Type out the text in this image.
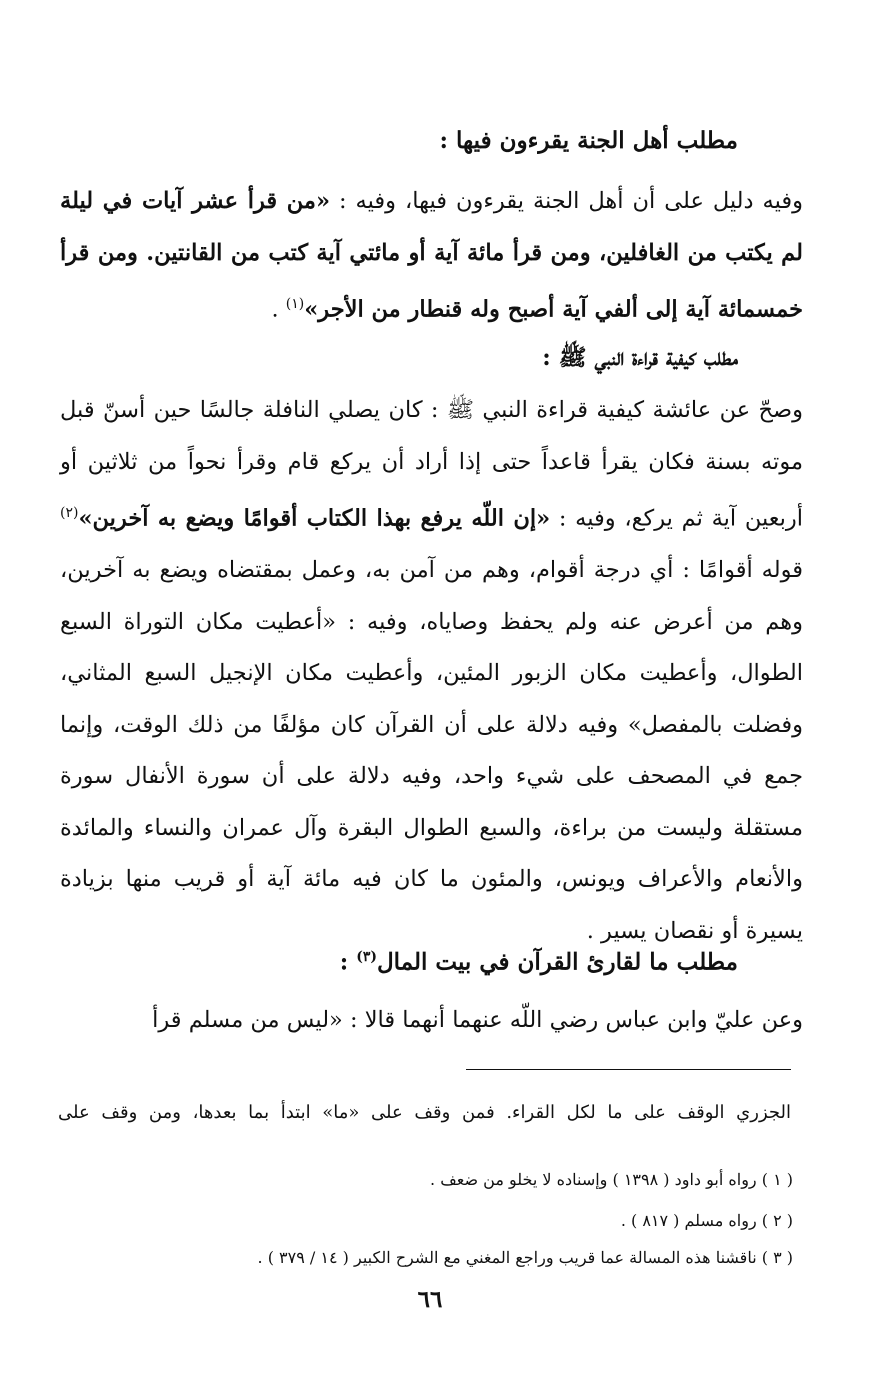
مطلب أهل الجنة يقرءون فيها :
وفيه دليل على أن أهل الجنة يقرءون فيها، وفيه : «من قرأ عشر آيات في ليلة لم يكتب من الغافلين، ومن قرأ مائة آية أو مائتي آية كتب من القانتين. ومن قرأ خمسمائة آية إلى ألفي آية أصبح وله قنطار من الأجر»$^{(١)}$ .
مطلب كيفية قراءة النبي ﷺ :
وصحّ عن عائشة كيفية قراءة النبي ﷺ : كان يصلي النافلة جالسًا حين أسنّ قبل موته بسنة فكان يقرأ قاعداً حتى إذا أراد أن يركع قام وقرأ نحواً من ثلاثين أو أربعين آية ثم يركع، وفيه : «إن اللّه يرفع بهذا الكتاب أقوامًا ويضع به آخرين»$^{(٢)}$ قوله أقوامًا : أي درجة أقوام، وهم من آمن به، وعمل بمقتضاه ويضع به آخرين، وهم من أعرض عنه ولم يحفظ وصاياه، وفيه : «أعطيت مكان التوراة السبع الطوال، وأعطيت مكان الزبور المئين، وأعطيت مكان الإنجيل السبع المثاني، وفضلت بالمفصل» وفيه دلالة على أن القرآن كان مؤلفًا من ذلك الوقت، وإنما جمع في المصحف على شيء واحد، وفيه دلالة على أن سورة الأنفال سورة مستقلة وليست من براءة، والسبع الطوال البقرة وآل عمران والنساء والمائدة والأنعام والأعراف ويونس، والمئون ما كان فيه مائة آية أو قريب منها بزيادة يسيرة أو نقصان يسير .
مطلب ما لقارئ القرآن في بيت المال$^{(٣)}$ :
وعن عليّ وابن عباس رضي اللّه عنهما أنهما قالا : «ليس من مسلم قرأ
الجزري الوقف على ما لكل القراء. فمن وقف على «ما» ابتدأ بما بعدها، ومن وقف على
( ١ ) رواه أبو داود ( ١٣٩٨ ) وإسناده لا يخلو من ضعف .
( ٢ ) رواه مسلم ( ٨١٧ ) .
( ٣ ) ناقشنا هذه المسالة عما قريب وراجع المغني مع الشرح الكبير ( ١٤ / ٣٧٩ ) .
٦٦
